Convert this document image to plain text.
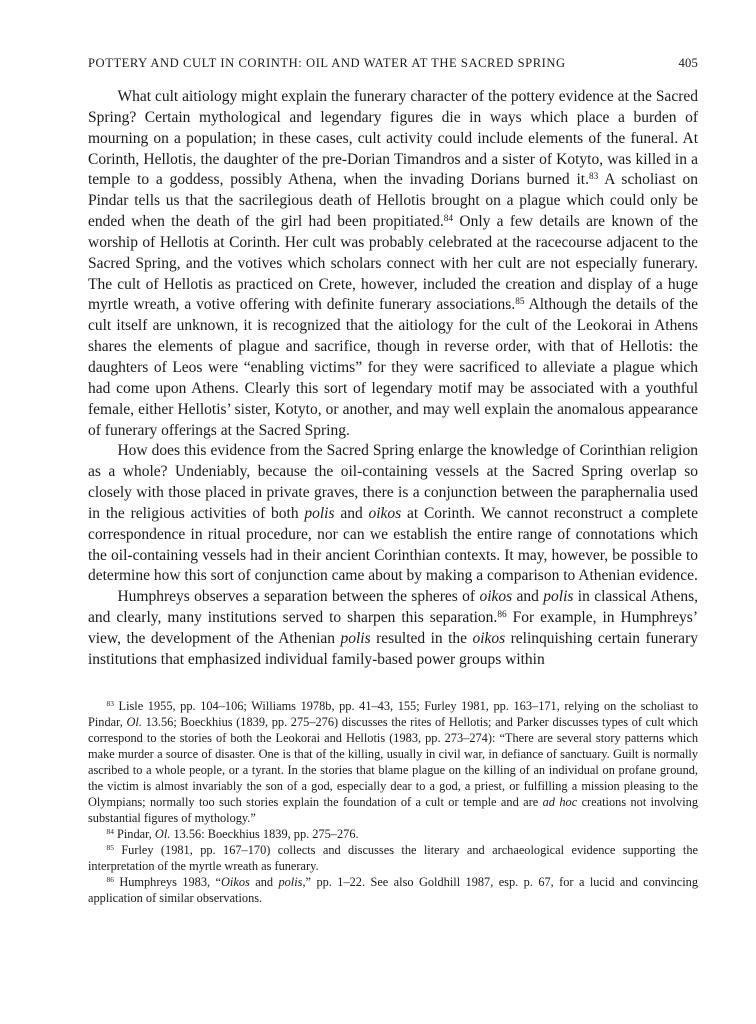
POTTERY AND CULT IN CORINTH: OIL AND WATER AT THE SACRED SPRING	405

What cult aitiology might explain the funerary character of the pottery evidence at the Sacred Spring? Certain mythological and legendary figures die in ways which place a burden of mourning on a population; in these cases, cult activity could include elements of the funeral. At Corinth, Hellotis, the daughter of the pre-Dorian Timandros and a sister of Kotyto, was killed in a temple to a goddess, possibly Athena, when the invading Dorians burned it.$^{83}$ A scholiast on Pindar tells us that the sacrilegious death of Hellotis brought on a plague which could only be ended when the death of the girl had been propitiated.$^{84}$ Only a few details are known of the worship of Hellotis at Corinth. Her cult was probably celebrated at the racecourse adjacent to the Sacred Spring, and the votives which scholars connect with her cult are not especially funerary. The cult of Hellotis as practiced on Crete, however, included the creation and display of a huge myrtle wreath, a votive offering with definite funerary associations.$^{85}$ Although the details of the cult itself are unknown, it is recognized that the aitiology for the cult of the Leokorai in Athens shares the elements of plague and sacrifice, though in reverse order, with that of Hellotis: the daughters of Leos were “enabling victims” for they were sacrificed to alleviate a plague which had come upon Athens. Clearly this sort of legendary motif may be associated with a youthful female, either Hellotis’ sister, Kotyto, or another, and may well explain the anomalous appearance of funerary offerings at the Sacred Spring.

How does this evidence from the Sacred Spring enlarge the knowledge of Corinthian religion as a whole? Undeniably, because the oil-containing vessels at the Sacred Spring overlap so closely with those placed in private graves, there is a conjunction between the paraphernalia used in the religious activities of both polis and oikos at Corinth. We cannot reconstruct a complete correspondence in ritual procedure, nor can we establish the entire range of connotations which the oil-containing vessels had in their ancient Corinthian contexts. It may, however, be possible to determine how this sort of conjunction came about by making a comparison to Athenian evidence.

Humphreys observes a separation between the spheres of oikos and polis in classical Athens, and clearly, many institutions served to sharpen this separation.$^{86}$ For example, in Humphreys’ view, the development of the Athenian polis resulted in the oikos relinquishing certain funerary institutions that emphasized individual family-based power groups within

$^{83}$ Lisle 1955, pp. 104–106; Williams 1978b, pp. 41–43, 155; Furley 1981, pp. 163–171, relying on the scholiast to Pindar, Ol. 13.56; Boeckhius (1839, pp. 275–276) discusses the rites of Hellotis; and Parker discusses types of cult which correspond to the stories of both the Leokorai and Hellotis (1983, pp. 273–274): “There are several story patterns which make murder a source of disaster. One is that of the killing, usually in civil war, in defiance of sanctuary. Guilt is normally ascribed to a whole people, or a tyrant. In the stories that blame plague on the killing of an individual on profane ground, the victim is almost invariably the son of a god, especially dear to a god, a priest, or fulfilling a mission pleasing to the Olympians; normally too such stories explain the foundation of a cult or temple and are ad hoc creations not involving substantial figures of mythology.”

$^{84}$ Pindar, Ol. 13.56: Boeckhius 1839, pp. 275–276.

$^{85}$ Furley (1981, pp. 167–170) collects and discusses the literary and archaeological evidence supporting the interpretation of the myrtle wreath as funerary.

$^{86}$ Humphreys 1983, “Oikos and polis,” pp. 1–22. See also Goldhill 1987, esp. p. 67, for a lucid and convincing application of similar observations.
